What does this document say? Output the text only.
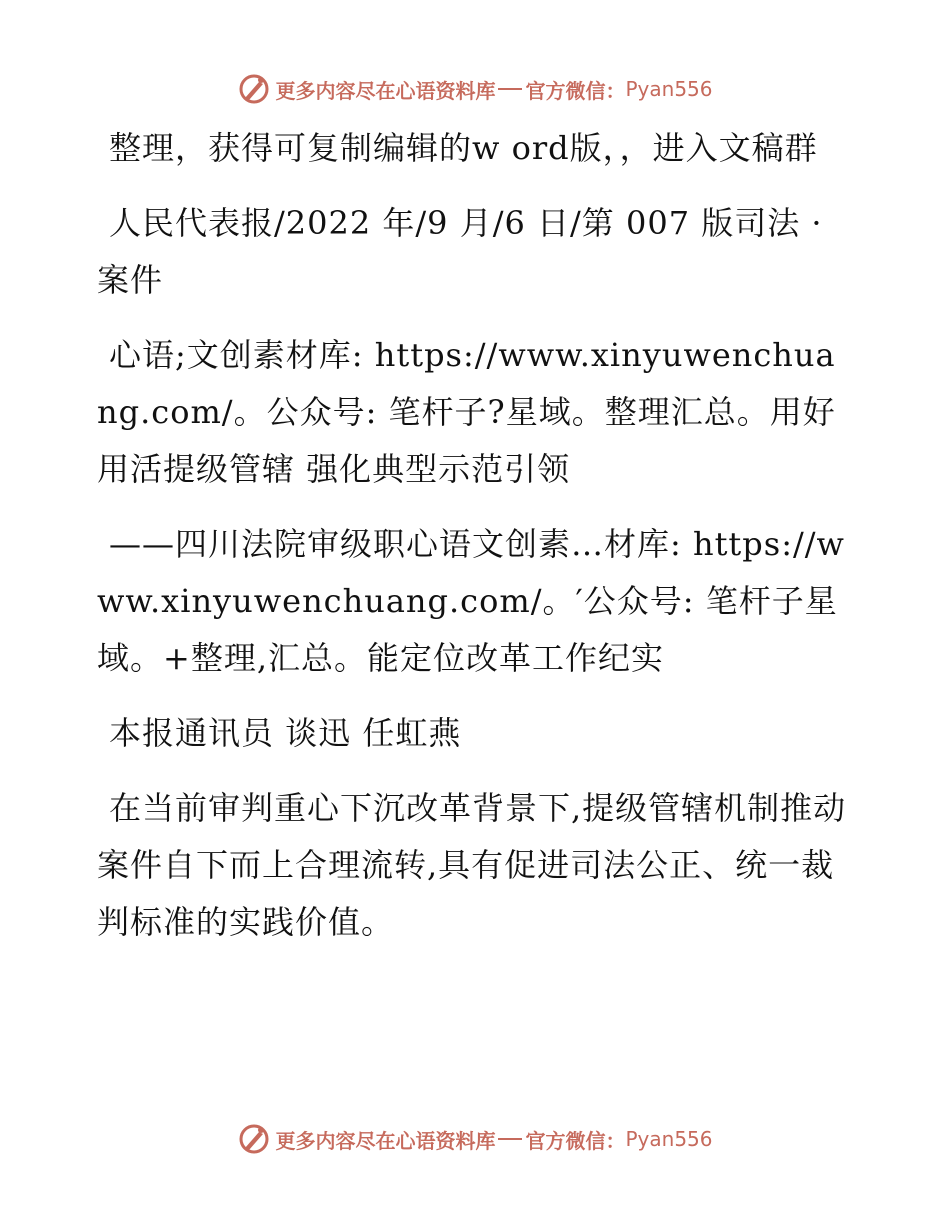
更多内容尽在心语资料库 官方微信： Pyan556

整理，获得可复制编辑的w ord版，，进入文稿群

人民代表报/2022 年/9 月/6 日/第 007 版司法 · 案件

心语;文创素材库: https://www.xinyuwenchuang.com/。公众号: 笔杆子?星域。整理汇总。用好用活提级管辖 强化典型示范引领

——四川法院审级职心语文创素…材库: https://www.xinyuwenchuang.com/。′公众号: 笔杆子星域。+整理,汇总。能定位改革工作纪实

本报通讯员 谈迅 任虹燕

在当前审判重心下沉改革背景下,提级管辖机制推动案件自下而上合理流转,具有促进司法公正、统一裁判标准的实践价值。

更多内容尽在心语资料库 官方微信： Pyan556
